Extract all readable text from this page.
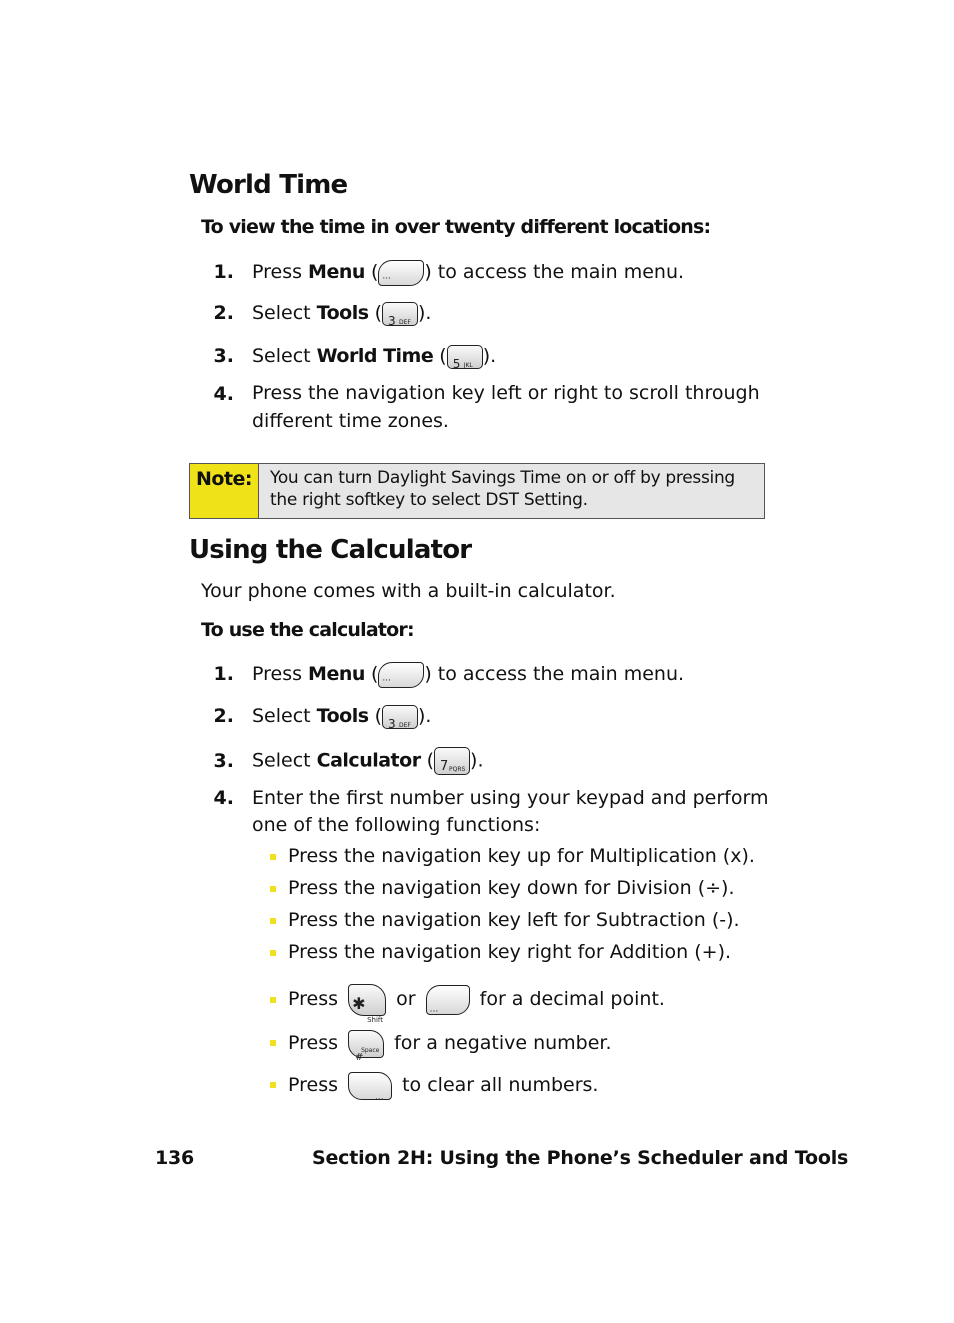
World Time
To view the time in over twenty different locations:
1. Press Menu ( ··· ) to access the main menu.
2. Select Tools ( 3 DEF ).
3. Select World Time ( 5 JKL ).
4. Press the navigation key left or right to scroll through
different time zones.
Note:	You can turn Daylight Savings Time on or off by pressing the right softkey to select DST Setting.
Using the Calculator
Your phone comes with a built-in calculator.
To use the calculator:
1. Press Menu ( ··· ) to access the main menu.
2. Select Tools ( 3 DEF ).
3. Select Calculator ( 7 PQRS ).
4. Enter the first number using your keypad and perform
one of the following functions:
Press the navigation key up for Multiplication (x).
Press the navigation key down for Division (÷).
Press the navigation key left for Subtraction (-).
Press the navigation key right for Addition (+).
Press ✱
Shift
or
···
for a decimal point.
Press
#
Space for a negative number.
Press
···
to clear all numbers.
136	Section 2H: Using the Phone’s Scheduler and Tools
